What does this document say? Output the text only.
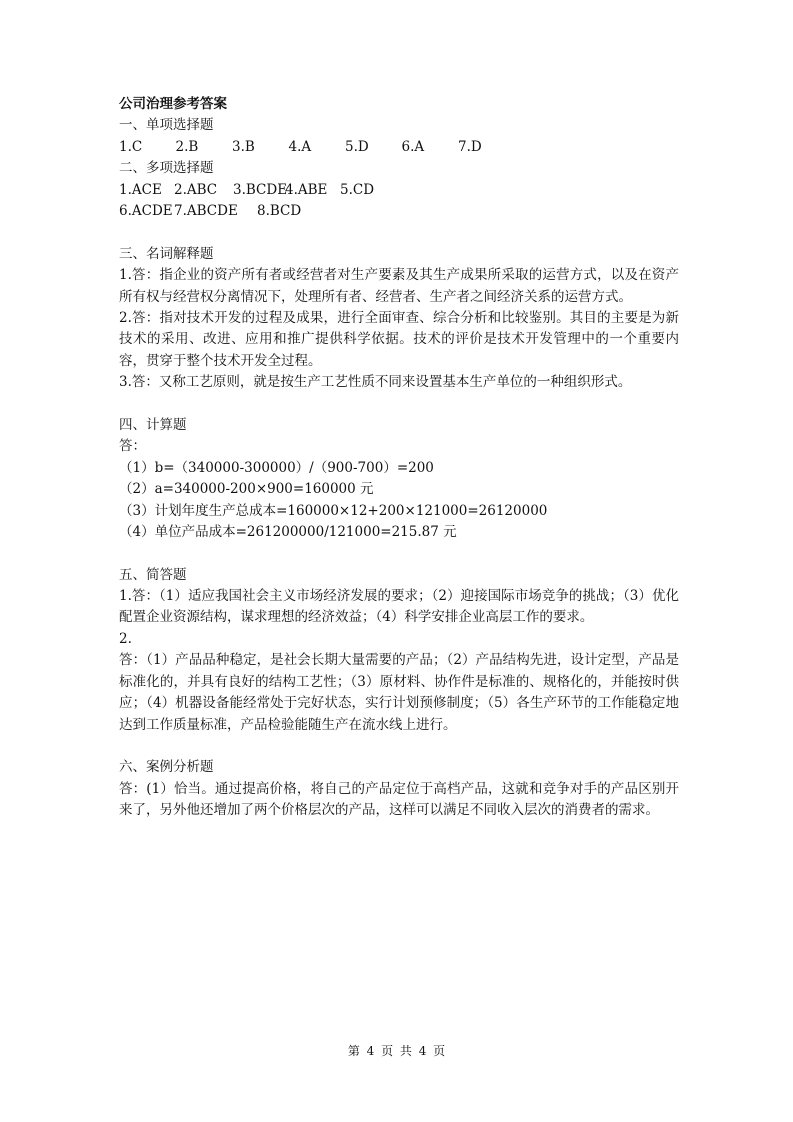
公司治理参考答案
一、单项选择题
1.C	2.B	3.B	4.A	5.D	6.A	7.D
二、多项选择题
1.ACE 2.ABC	3.BCDE
4.ABE 5.CD
6.ACDE 7.ABCDE	8.BCD
三、名词解释题
1.答：指企业的资产所有者或经营者对生产要素及其生产成果所采取的运营方式，以及在资产所有权与经营权分离情况下，处理所有者、经营者、生产者之间经济关系的运营方式。
2.答：指对技术开发的过程及成果，进行全面审查、综合分析和比较鉴别。其目的主要是为新技术的采用、改进、应用和推广提供科学依据。技术的评价是技术开发管理中的一个重要内容，贯穿于整个技术开发全过程。
3.答：又称工艺原则，就是按生产工艺性质不同来设置基本生产单位的一种组织形式。
四、计算题
答：
（1）b=（340000-300000）/（900-700）=200
（2）a=340000-200×900=160000 元
（3）计划年度生产总成本=160000×12+200×121000=26120000
（4）单位产品成本=261200000/121000=215.87 元
五、简答题
1.答：（1）适应我国社会主义市场经济发展的要求；（2）迎接国际市场竞争的挑战；（3）优化配置企业资源结构，谋求理想的经济效益；（4）科学安排企业高层工作的要求。
2.
答：（1）产品品种稳定，是社会长期大量需要的产品；（2）产品结构先进，设计定型，产品是标准化的，并具有良好的结构工艺性；（3）原材料、协作件是标准的、规格化的，并能按时供应；（4）机器设备能经常处于完好状态，实行计划预修制度；（5）各生产环节的工作能稳定地达到工作质量标准，产品检验能随生产在流水线上进行。
六、案例分析题
答：(1）恰当。通过提高价格，将自己的产品定位于高档产品，这就和竞争对手的产品区别开来了，另外他还增加了两个价格层次的产品，这样可以满足不同收入层次的消费者的需求。
第 4 页 共 4 页
